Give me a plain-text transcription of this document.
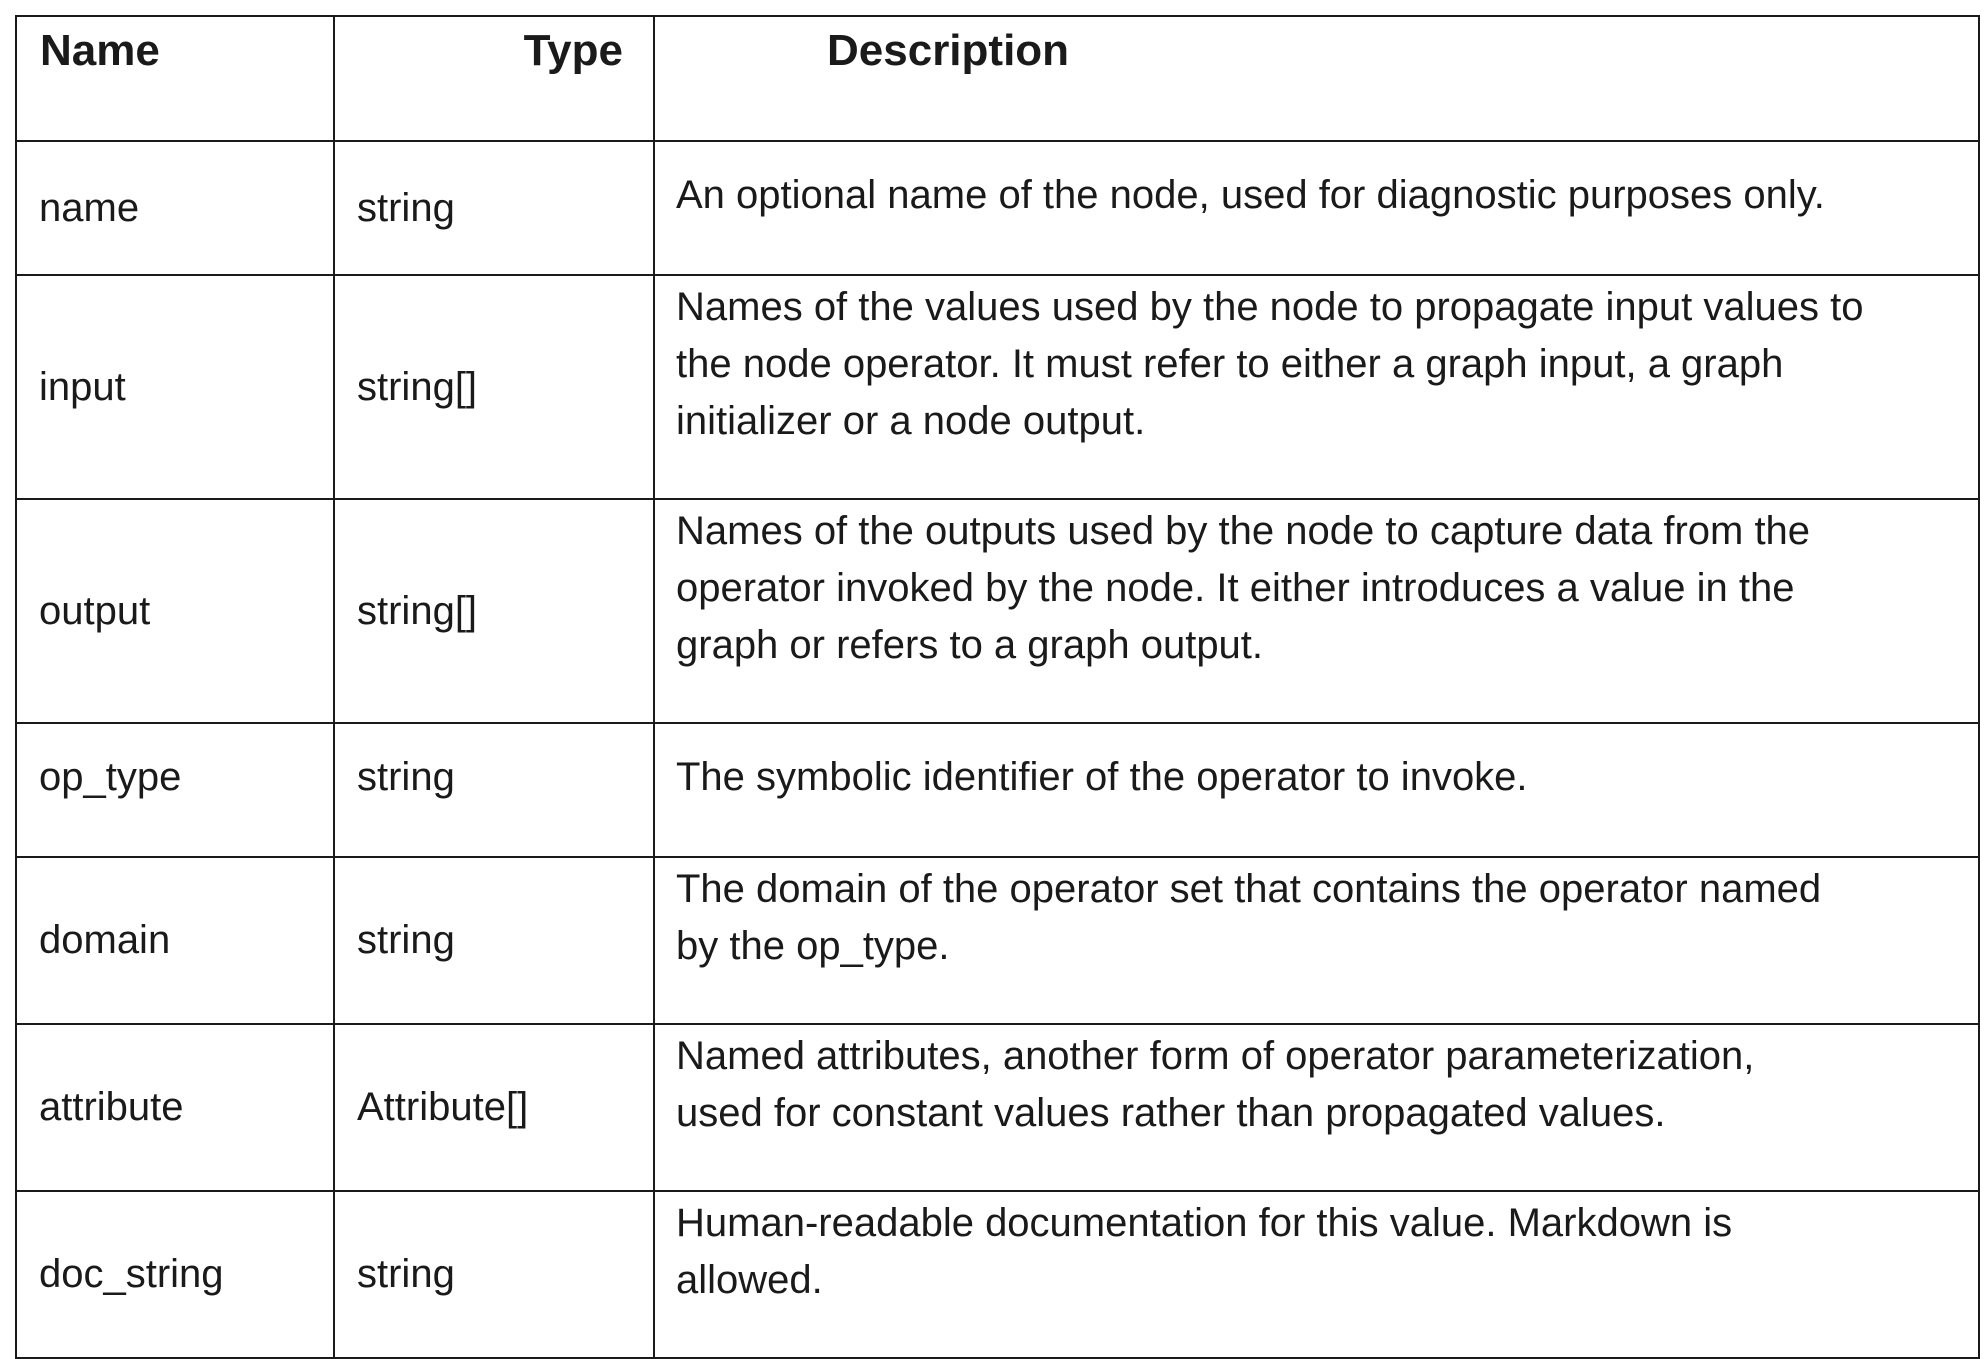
Name	Type	Description
name	string	An optional name of the node, used for diagnostic purposes only.

input	string[]	Names of the values used by the node to propagate input values to
the node operator. It must refer to either a graph input, a graph
initializer or a node output.

output	string[]	Names of the outputs used by the node to capture data from the
operator invoked by the node. It either introduces a value in the
graph or refers to a graph output.

op_type	string	The symbolic identifier of the operator to invoke.

domain	string	The domain of the operator set that contains the operator named
by the op_type.

attribute	Attribute[]	Named attributes, another form of operator parameterization,
used for constant values rather than propagated values.

doc_string	string	Human-readable documentation for this value. Markdown is
allowed.
